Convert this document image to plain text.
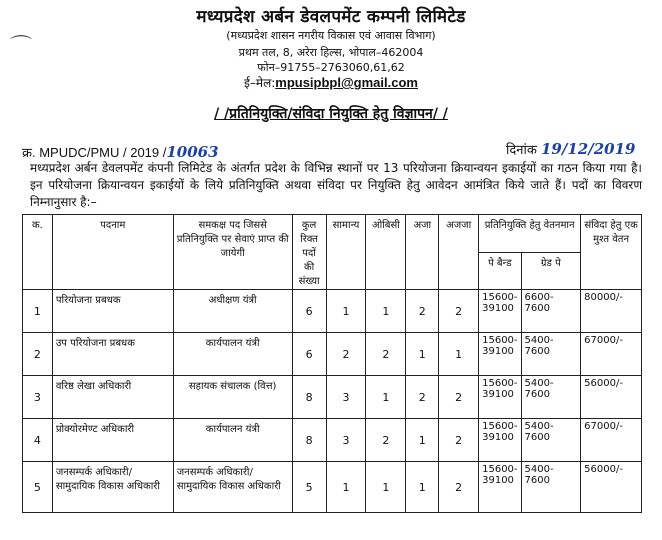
⌒
मध्यप्रदेश अर्बन डेवलपमेंट कम्पनी लिमिटेड
(मध्यप्रदेश शासन नगरीय विकास एवं आवास विभाग)
प्रथम तल, 8, अरेरा हिल्स, भोपाल–462004
फोन–91755–2763060,61,62
ई–मेल:mpusipbpl@gmail.com
/ /प्रतिनियुक्ति/संविदा नियुक्ति हेतु विज्ञापन/ /
क्र. MPUDC/PMU / 2019 /10063	दिनांक 19/12/2019
मध्यप्रदेश अर्बन डेवलपमेंट कंपनी लिमिटेड के अंतर्गत प्रदेश के विभिन्न स्थानों पर 13 परियोजना क्रियान्वयन इकाईयों का गठन किया गया है। इन परियोजना क्रियान्वयन इकाईयों के लिये प्रतिनियुक्ति अथवा संविदा पर नियुक्ति हेतु आवेदन आमंत्रित किये जाते हैं। पदों का विवरण निम्नानुसार है:–
क.	पदनाम	समकक्ष पद जिससे प्रतिनियुक्ति पर सेवाएं प्राप्त की जायेगी	कुल रिक्त पदों की संख्या	सामान्य	ओबिसी	अजा	अजजा	प्रतिनियुक्ति हेतु वेतनमान		संविदा हेतु एक मुश्त वेतन
								पे बैन्ड	ग्रेड पे	
1	परियोजना प्रबधक	अधीक्षण यंत्री	6	1	1	2	2	15600-39100	6600-7600	80000/-
2	उप परियोजना प्रबधक	कार्यपालन यंत्री	6	2	2	1	1	15600-39100	5400-7600	67000/-
3	वरिष्ठ लेखा अधिकारी	सहायक संचालक (वित्त)	8	3	1	2	2	15600-39100	5400-7600	56000/-
4	प्रोक्योरमेण्ट अधिकारी	कार्यपालन यंत्री	8	3	2	1	2	15600-39100	5400-7600	67000/-
5	जनसम्पर्क अधिकारी/सामुदायिक विकास अधिकारी	जनसम्पर्क अधिकारी/सामुदायिक विकास अधिकारी	5	1	1	1	2	15600-39100	5400-7600	56000/-
